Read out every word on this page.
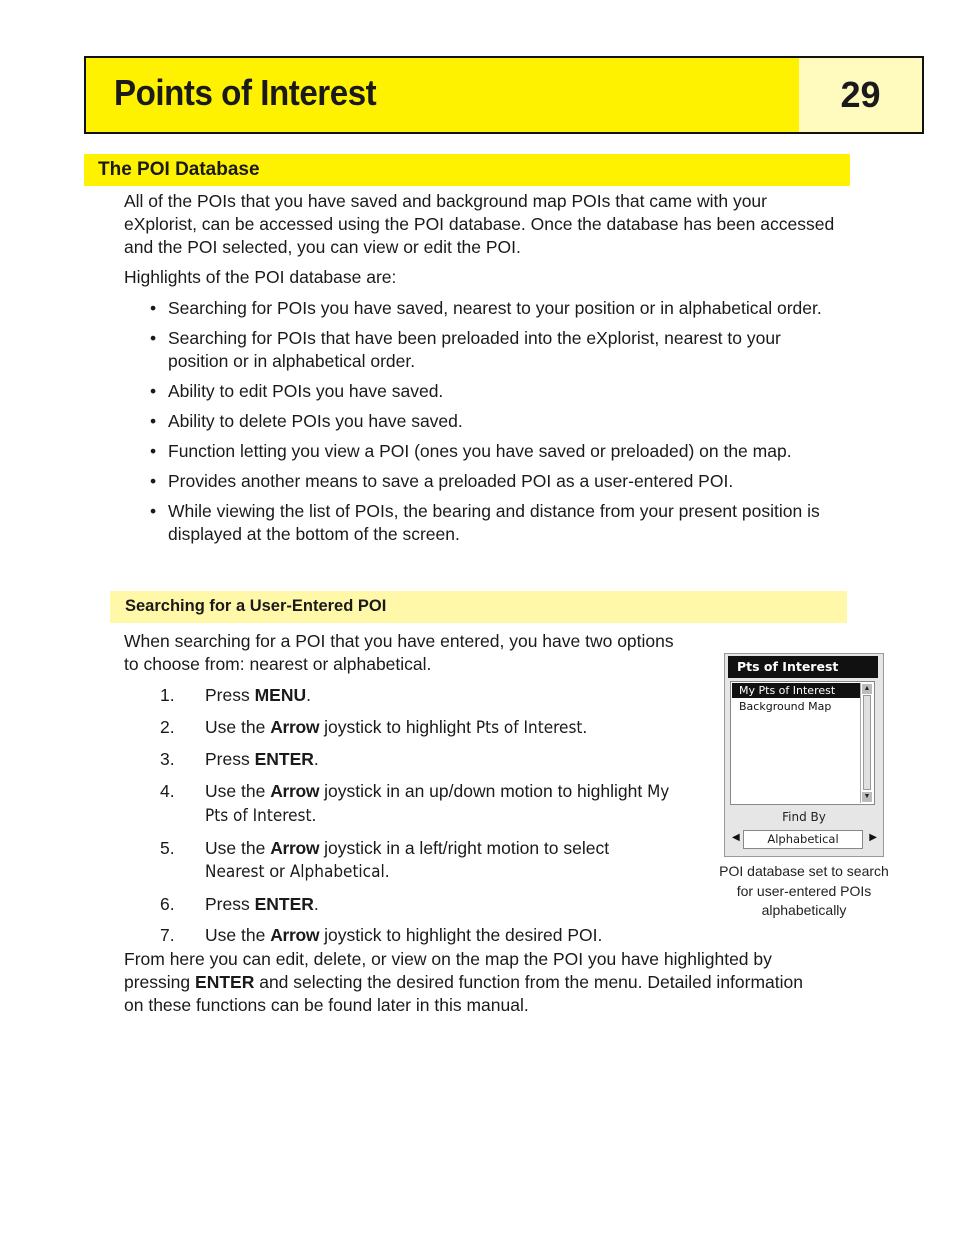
Points of Interest	29
The POI Database

All of the POIs that you have saved and background map POIs that came with your
eXplorist, can be accessed using the POI database. Once the database has been accessed
and the POI selected, you can view or edit the POI.

Highlights of the POI database are:

• Searching for POIs you have saved, nearest to your position or in alphabetical order.
• Searching for POIs that have been preloaded into the eXplorist, nearest to your
position or in alphabetical order.
• Ability to edit POIs you have saved.
• Ability to delete POIs you have saved.
• Function letting you view a POI (ones you have saved or preloaded) on the map.
• Provides another means to save a preloaded POI as a user-entered POI.
• While viewing the list of POIs, the bearing and distance from your present position is
displayed at the bottom of the screen.
Searching for a User-Entered POI

When searching for a POI that you have entered, you have two options
to choose from: nearest or alphabetical.

1. Press MENU.
2. Use the Arrow joystick to highlight Pts of Interest.
3. Press ENTER.
4. Use the Arrow joystick in an up/down motion to highlight My
Pts of Interest.
5. Use the Arrow joystick in a left/right motion to select
Nearest or Alphabetical.
6. Press ENTER.
7. Use the Arrow joystick to highlight the desired POI.

From here you can edit, delete, or view on the map the POI you have highlighted by
pressing ENTER and selecting the desired function from the menu. Detailed information
on these functions can be found later in this manual.

Pts of Interest
My Pts of Interest
Background Map
▲
▼
Find By
◀	Alphabetical	▶
POI database set to search
for user-entered POIs
alphabetically
